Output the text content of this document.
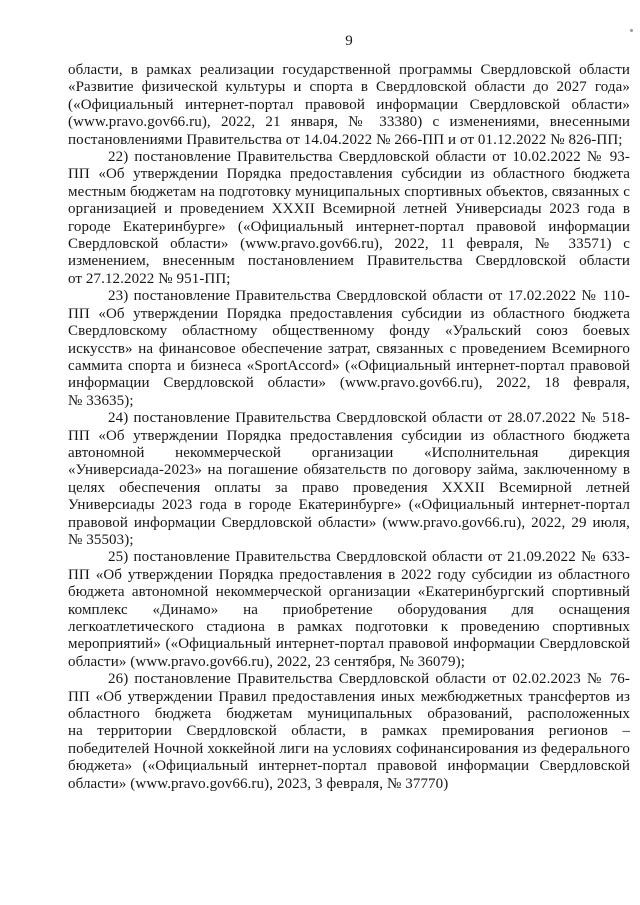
9

области, в рамках реализации государственной программы Свердловской области «Развитие физической культуры и спорта в Свердловской области до 2027 года» («Официальный интернет-портал правовой информации Свердловской области» (www.pravo.gov66.ru), 2022, 21 января, № 33380) с изменениями, внесенными постановлениями Правительства от 14.04.2022 № 266-ПП и от 01.12.2022 № 826-ПП;

22) постановление Правительства Свердловской области от 10.02.2022 № 93-ПП «Об утверждении Порядка предоставления субсидии из областного бюджета местным бюджетам на подготовку муниципальных спортивных объектов, связанных с организацией и проведением XXXII Всемирной летней Универсиады 2023 года в городе Екатеринбурге» («Официальный интернет-портал правовой информации Свердловской области» (www.pravo.gov66.ru), 2022, 11 февраля, № 33571) с изменением, внесенным постановлением Правительства Свердловской области от 27.12.2022 № 951-ПП;

23) постановление Правительства Свердловской области от 17.02.2022 № 110-ПП «Об утверждении Порядка предоставления субсидии из областного бюджета Свердловскому областному общественному фонду «Уральский союз боевых искусств» на финансовое обеспечение затрат, связанных с проведением Всемирного саммита спорта и бизнеса «SportAccord» («Официальный интернет-портал правовой информации Свердловской области» (www.pravo.gov66.ru), 2022, 18 февраля, № 33635);

24) постановление Правительства Свердловской области от 28.07.2022 № 518-ПП «Об утверждении Порядка предоставления субсидии из областного бюджета автономной некоммерческой организации «Исполнительная дирекция «Универсиада-2023» на погашение обязательств по договору займа, заключенному в целях обеспечения оплаты за право проведения XXXII Всемирной летней Универсиады 2023 года в городе Екатеринбурге» («Официальный интернет-портал правовой информации Свердловской области» (www.pravo.gov66.ru), 2022, 29 июля, № 35503);

25) постановление Правительства Свердловской области от 21.09.2022 № 633-ПП «Об утверждении Порядка предоставления в 2022 году субсидии из областного бюджета автономной некоммерческой организации «Екатеринбургский спортивный комплекс «Динамо» на приобретение оборудования для оснащения легкоатлетического стадиона в рамках подготовки к проведению спортивных мероприятий» («Официальный интернет-портал правовой информации Свердловской области» (www.pravo.gov66.ru), 2022, 23 сентября, № 36079);

26) постановление Правительства Свердловской области от 02.02.2023 № 76-ПП «Об утверждении Правил предоставления иных межбюджетных трансфертов из областного бюджета бюджетам муниципальных образований, расположенных на территории Свердловской области, в рамках премирования регионов – победителей Ночной хоккейной лиги на условиях софинансирования из федерального бюджета» («Официальный интернет-портал правовой информации Свердловской области» (www.pravo.gov66.ru), 2023, 3 февраля, № 37770)
